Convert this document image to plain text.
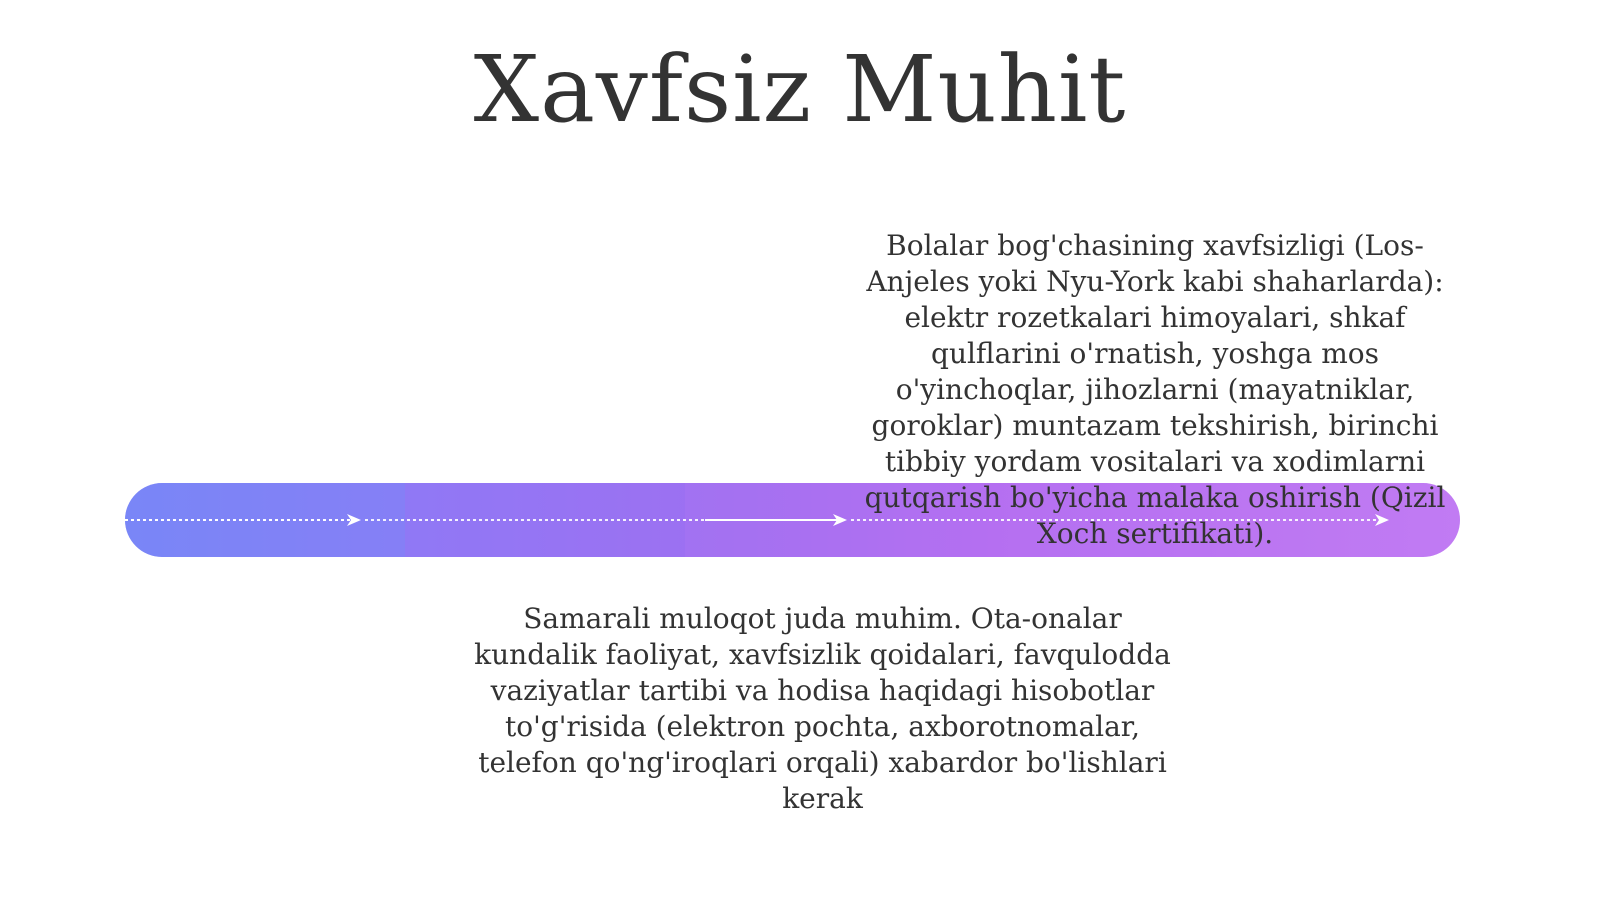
Xavfsiz Muhit

Bolalar bog'chasining xavfsizligi (Los-Anjeles yoki Nyu-York kabi shaharlarda): elektr rozetkalari himoyalari, shkaf qulflarini o'rnatish, yoshga mos o'yinchoqlar, jihozlarni (mayatniklar, goroklar) muntazam tekshirish, birinchi tibbiy yordam vositalari va xodimlarni qutqarish bo'yicha malaka oshirish (Qizil Xoch sertifikati).

Samarali muloqot juda muhim. Ota-onalar kundalik faoliyat, xavfsizlik qoidalari, favqulodda vaziyatlar tartibi va hodisa haqidagi hisobotlar to'g'risida (elektron pochta, axborotnomalar, telefon qo'ng'iroqlari orqali) xabardor bo'lishlari kerak
